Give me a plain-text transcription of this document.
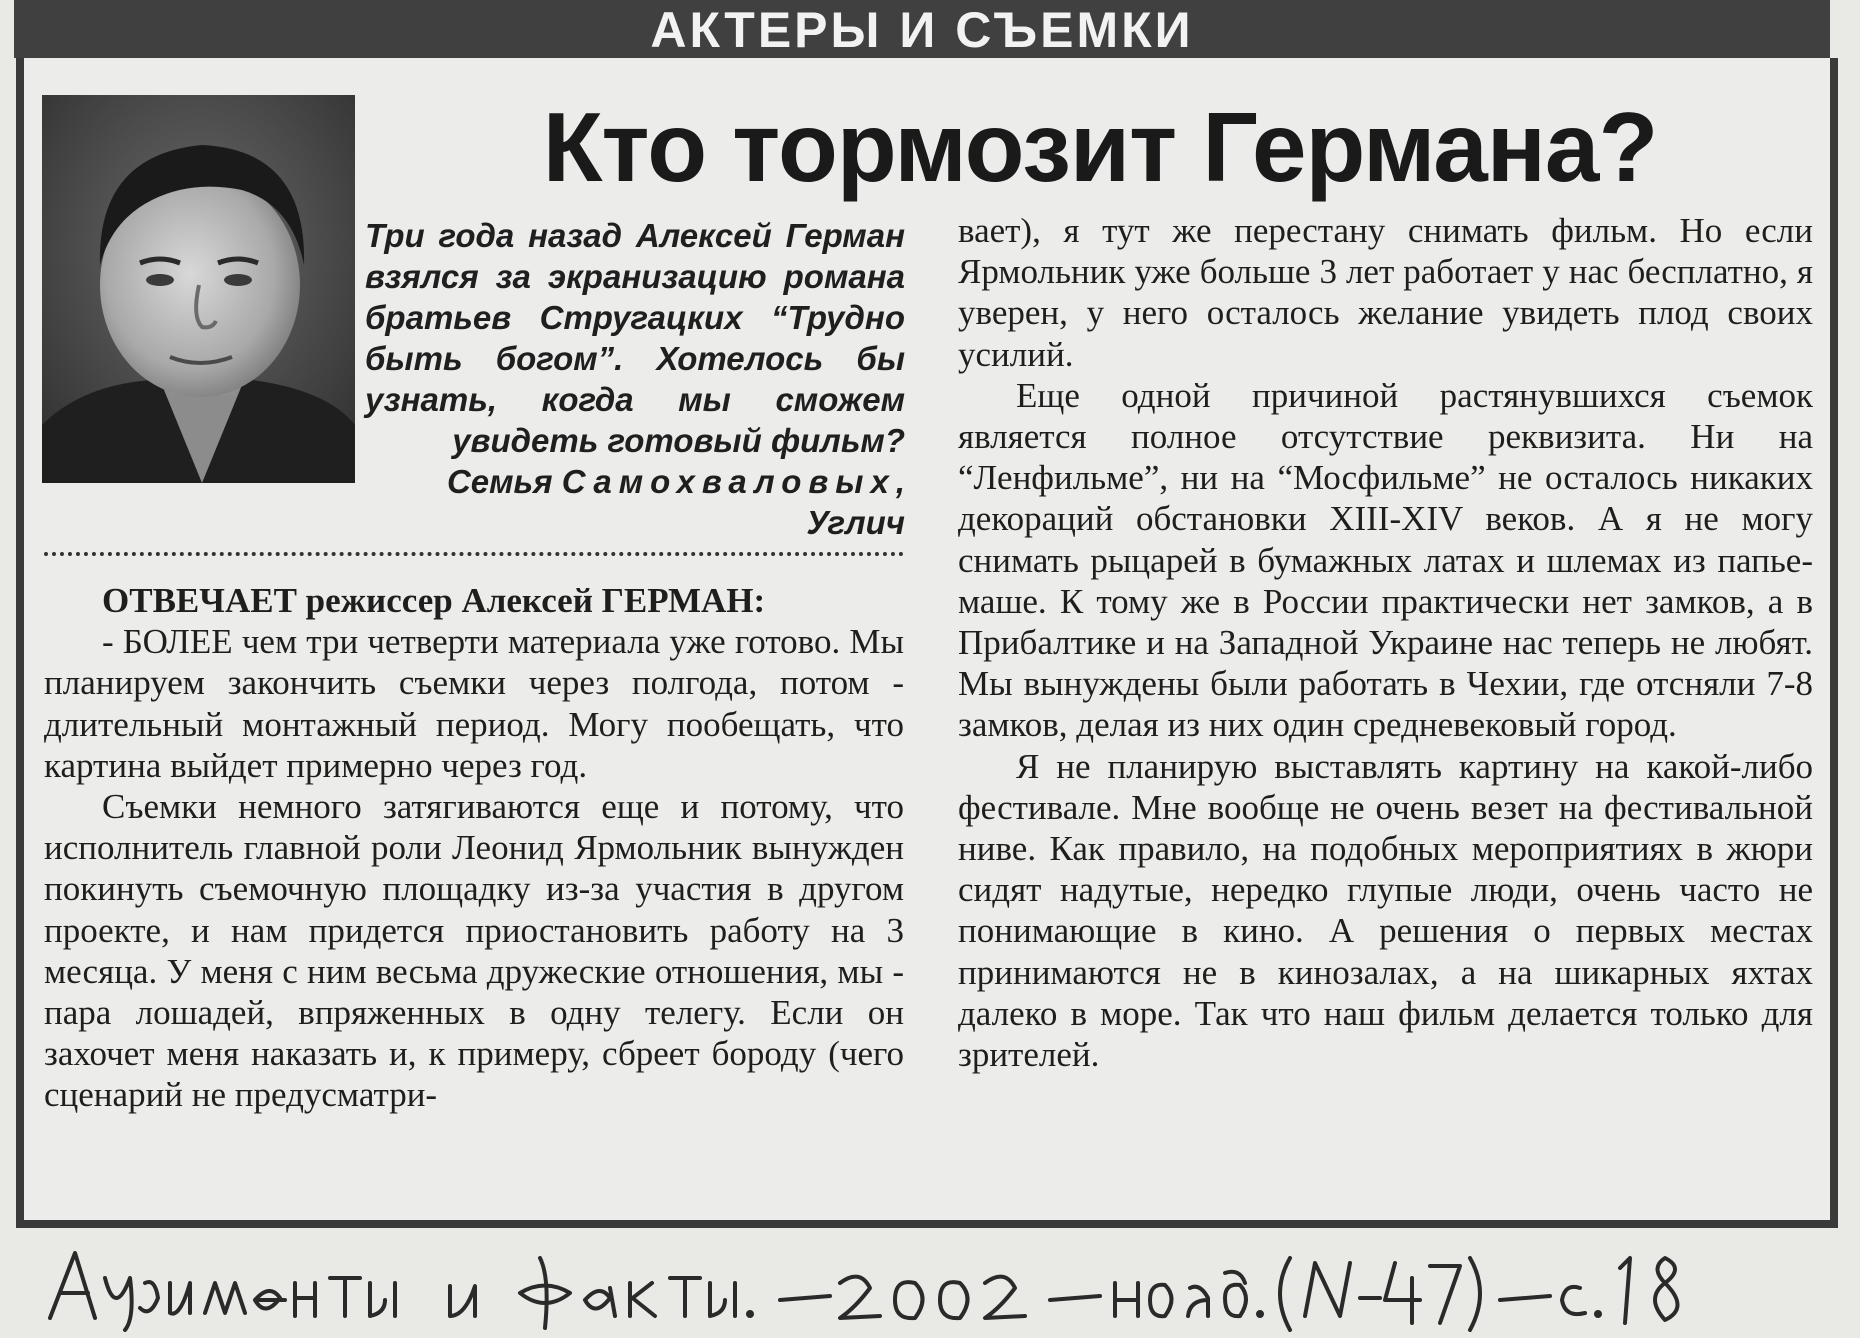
АКТЕРЫ И СЪЕМКИ
Кто тормозит Германа?
Три года назад Алексей Герман взялся за экранизацию романа братьев Стругацких “Трудно быть богом”. Хотелось бы узнать, когда мы сможем увидеть готовый фильм?
Семья Самохваловых, Углич

ОТВЕЧАЕТ режиссер Алексей ГЕРМАН:

- БОЛЕЕ чем три четверти материала уже готово. Мы планируем закончить съемки через полгода, потом - длительный монтажный период. Могу пообещать, что картина выйдет примерно через год.

Съемки немного затягиваются еще и потому, что исполнитель главной роли Леонид Ярмольник вынужден покинуть съемочную площадку из-за участия в другом проекте, и нам придется приостановить работу на 3 месяца. У меня с ним весьма дружеские отношения, мы - пара лошадей, впряженных в одну телегу. Если он захочет меня наказать и, к примеру, сбреет бороду (чего сценарий не предусматри-

вает), я тут же перестану снимать фильм. Но если Ярмольник уже больше 3 лет работает у нас бесплатно, я уверен, у него осталось желание увидеть плод своих усилий.

Еще одной причиной растянувшихся съемок является полное отсутствие реквизита. Ни на “Ленфильме”, ни на “Мосфильме” не осталось никаких декораций обстановки XIII-XIV веков. А я не могу снимать рыцарей в бумажных латах и шлемах из папье-маше. К тому же в России практически нет замков, а в Прибалтике и на Западной Украине нас теперь не любят. Мы вынуждены были работать в Чехии, где отсняли 7-8 замков, делая из них один средневековый город.

Я не планирую выставлять картину на какой-либо фестивале. Мне вообще не очень везет на фестивальной ниве. Как правило, на подобных мероприятиях в жюри сидят надутые, нередко глупые люди, очень часто не понимающие в кино. А решения о первых местах принимаются не в кинозалах, а на шикарных яхтах далеко в море. Так что наш фильм делается только для зрителей.
